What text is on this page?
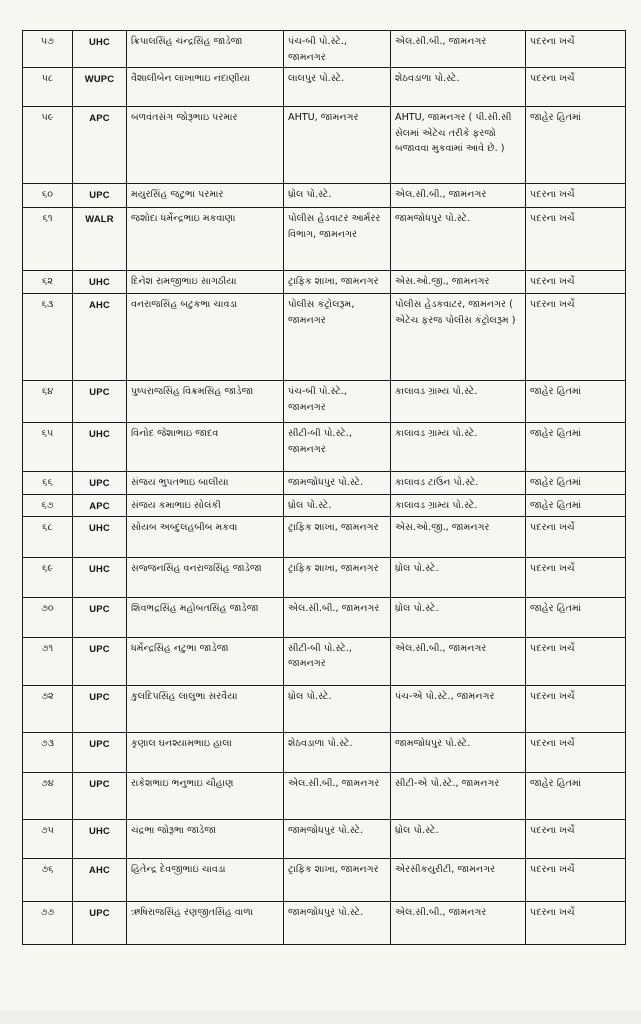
૫૭	UHC	ક્રિપાલસિંહ ચંન્દ્રસિંહ જાડેજા	પંચ-બી પો.સ્ટે., જામનગર	એલ.સી.બી., જામનગર	પદરના ખર્ચે
૫૮	WUPC	વૈશાલીબેન લાખાભાઇ નંદાણીયા	લાલપુર પો.સ્ટે.	શેઠવડાળા પો.સ્ટે.	પદરના ખર્ચે
૫૯	APC	બળવંતસંગ જોરૂભાઇ પરમાર	AHTU, જામનગર	AHTU, જામનગર ( પી.સી.સી સેલમાં એટેચ તરીકે ફરજો બજાવવા મુકવામાં આવે છે. )	જાહેર હિતમાં
૬૦	UPC	મયુરસિંહ જટુભા પરમાર	ધ્રોલ પો.સ્ટે.	એલ.સી.બી., જામનગર	પદરના ખર્ચે
૬૧	WALR	જશોદા ધર્મેન્દ્રભાઇ મકવાણા	પોલીસ હેડવાટર આર્મરર વિભાગ, જામનગર	જામજોધપુર પો.સ્ટે.	પદરના ખર્ચે
૬૨	UHC	દિનેશ રામજીભાઇ સાગઠીયા	ટ્રાફિક શાખા, જામનગર	એસ.ઓ.જી., જામનગર	પદરના ખર્ચે
૬૩	AHC	વનરાજસિંહ બટુકભા ચાવડા	પોલીસ કંટ્રોલરૂમ, જામનગર	પોલીસ હેડકવાટર, જામનગર ( એટેચ ફરજ પોલીસ કંટ્રોલરૂમ )	પદરના ખર્ચે
૬૪	UPC	પુષ્પરાજસિંહ વિક્રમસિંહ જાડેજા	પંચ-બી પો.સ્ટે., જામનગર	કાલાવડ ગ્રામ્ય પો.સ્ટે.	જાહેર હિતમાં
૬૫	UHC	વિનોદ જેશાભાઇ જાદવ	સીટી-બી પો.સ્ટે., જામનગર	કાલાવડ ગ્રામ્ય પો.સ્ટે.	જાહેર હિતમાં
૬૬	UPC	સંજય ભુપતભાઇ બાલીયા	જામજોધપુર પો.સ્ટે.	કાલાવડ ટાઉન પો.સ્ટે.	જાહેર હિતમાં
૬૭	APC	સંજય કમાભાઇ સોલંકી	ધ્રોલ પો.સ્ટે.	કાલાવડ ગ્રામ્ય પો.સ્ટે.	જાહેર હિતમાં
૬૮	UHC	સોયબ અબ્દુલહબીબ મકવા	ટ્રાફિક શાખા, જામનગર	એસ.ઓ.જી., જામનગર	પદરના ખર્ચે
૬૯	UHC	સજ્જનસિંહ વનરાજસિંહ જાડેજા	ટ્રાફિક શાખા, જામનગર	ધ્રોલ પો.સ્ટે.	પદરના ખર્ચે
૭૦	UPC	શિવભદ્રસિંહ મહોબતસિંહ જાડેજા	એલ.સી.બી., જામનગર	ધ્રોલ પો.સ્ટે.	જાહેર હિતમાં
૭૧	UPC	ધર્મેન્દ્રસિંહ નટુભા જાડેજા	સીટી-બી પો.સ્ટે., જામનગર	એલ.સી.બી., જામનગર	પદરના ખર્ચે
૭૨	UPC	કુલદિપસિંહ લાલુભા સરવૈયા	ધ્રોલ પો.સ્ટે.	પંચ-એ પો.સ્ટે., જામનગર	પદરના ખર્ચે
૭૩	UPC	કૃણાલ ઘનશ્યામભાઇ હાલા	શેઠવડાળા પો.સ્ટે.	જામજોધપુર પો.સ્ટે.	પદરના ખર્ચે
૭૪	UPC	રાકેશભાઇ ભનુભાઇ ચૌહાણ	એલ.સી.બી., જામનગર	સીટી-એ પો.સ્ટે., જામનગર	જાહેર હિતમાં
૭૫	UHC	ચંદ્રભા જોરૂભા જાડેજા	જામજોધપુર પો.સ્ટે.	ધ્રોલ પો.સ્ટે.	પદરના ખર્ચે
૭૬	AHC	હિતેન્દ્ર દેવજીભાઇ ચાવડા	ટ્રાફિક શાખા, જામનગર	એરસીકયુરીટી, જામનગર	પદરના ખર્ચે
૭૭	UPC	ઋષિરાજસિંહ રણજીતસિંહ વાળા	જામજોધપુર પો.સ્ટે.	એલ.સી.બી., જામનગર	પદરના ખર્ચે
